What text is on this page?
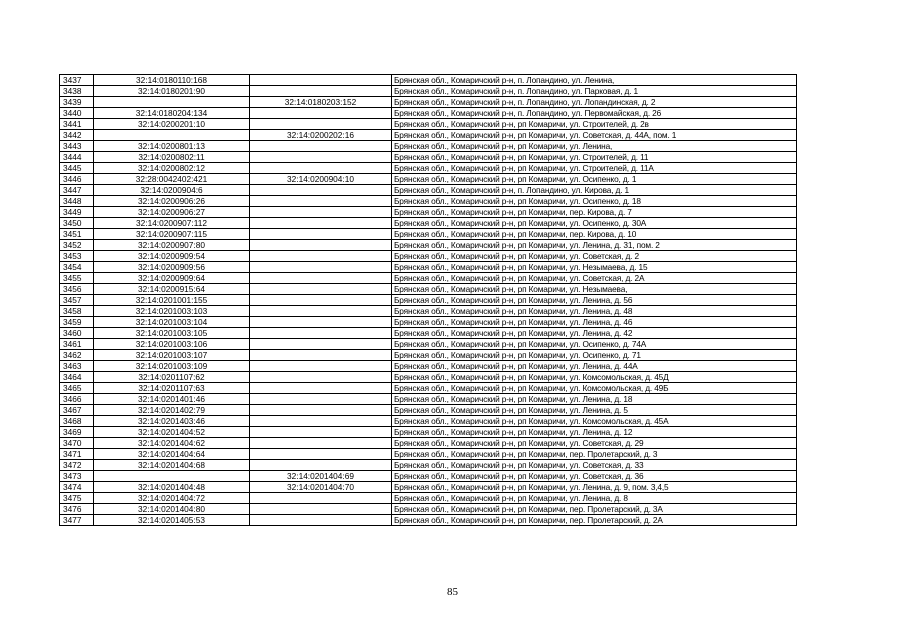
3437	32:14:0180110:168		Брянская обл., Комаричский р-н, п. Лопандино, ул. Ленина,
3438	32:14:0180201:90		Брянская обл., Комаричский р-н, п. Лопандино, ул. Парковая, д. 1
3439		32:14:0180203:152	Брянская обл., Комаричский р-н, п. Лопандино, ул. Лопандинская, д. 2
3440	32:14:0180204:134		Брянская обл., Комаричский р-н, п. Лопандино, ул. Первомайская, д. 26
3441	32:14:0200201:10		Брянская обл., Комаричский р-н, рп Комаричи, ул. Строителей, д. 2в
3442		32:14:0200202:16	Брянская обл., Комаричский р-н, рп Комаричи, ул. Советская, д. 44А, пом. 1
3443	32:14:0200801:13		Брянская обл., Комаричский р-н, рп Комаричи, ул. Ленина,
3444	32:14:0200802:11		Брянская обл., Комаричский р-н, рп Комаричи, ул. Строителей, д. 11
3445	32:14:0200802:12		Брянская обл., Комаричский р-н, рп Комаричи, ул. Строителей, д. 11А
3446	32:28:0042402:421	32:14:0200904:10	Брянская обл., Комаричский р-н, рп Комаричи, ул. Осипенко, д. 1
3447	32:14:0200904:6		Брянская обл., Комаричский р-н, п. Лопандино, ул. Кирова, д. 1
3448	32:14:0200906:26		Брянская обл., Комаричский р-н, рп Комаричи, ул. Осипенко, д. 18
3449	32:14:0200906:27		Брянская обл., Комаричский р-н, рп Комаричи, пер. Кирова, д. 7
3450	32:14:0200907:112		Брянская обл., Комаричский р-н, рп Комаричи, ул. Осипенко, д. 30А
3451	32:14:0200907:115		Брянская обл., Комаричский р-н, рп Комаричи, пер. Кирова, д. 10
3452	32:14:0200907:80		Брянская обл., Комаричский р-н, рп Комаричи, ул. Ленина, д. 31, пом. 2
3453	32:14:0200909:54		Брянская обл., Комаричский р-н, рп Комаричи, ул. Советская, д. 2
3454	32:14:0200909:56		Брянская обл., Комаричский р-н, рп Комаричи, ул. Незымаева, д. 15
3455	32:14:0200909:64		Брянская обл., Комаричский р-н, рп Комаричи, ул. Советская, д. 2А
3456	32:14:0200915:64		Брянская обл., Комаричский р-н, рп Комаричи, ул. Незымаева,
3457	32:14:0201001:155		Брянская обл., Комаричский р-н, рп Комаричи, ул. Ленина, д. 56
3458	32:14:0201003:103		Брянская обл., Комаричский р-н, рп Комаричи, ул. Ленина, д. 48
3459	32:14:0201003:104		Брянская обл., Комаричский р-н, рп Комаричи, ул. Ленина, д. 46
3460	32:14:0201003:105		Брянская обл., Комаричский р-н, рп Комаричи, ул. Ленина, д. 42
3461	32:14:0201003:106		Брянская обл., Комаричский р-н, рп Комаричи, ул. Осипенко, д. 74А
3462	32:14:0201003:107		Брянская обл., Комаричский р-н, рп Комаричи, ул. Осипенко, д. 71
3463	32:14:0201003:109		Брянская обл., Комаричский р-н, рп Комаричи, ул. Ленина, д. 44А
3464	32:14:0201107:62		Брянская обл., Комаричский р-н, рп Комаричи, ул. Комсомольская, д. 45Д
3465	32:14:0201107:63		Брянская обл., Комаричский р-н, рп Комаричи, ул. Комсомольская, д. 49Б
3466	32:14:0201401:46		Брянская обл., Комаричский р-н, рп Комаричи, ул. Ленина, д. 18
3467	32:14:0201402:79		Брянская обл., Комаричский р-н, рп Комаричи, ул. Ленина, д. 5
3468	32:14:0201403:46		Брянская обл., Комаричский р-н, рп Комаричи, ул. Комсомольская, д. 45А
3469	32:14:0201404:52		Брянская обл., Комаричский р-н, рп Комаричи, ул. Ленина, д. 12
3470	32:14:0201404:62		Брянская обл., Комаричский р-н, рп Комаричи, ул. Советская, д. 29
3471	32:14:0201404:64		Брянская обл., Комаричский р-н, рп Комаричи, пер. Пролетарский, д. 3
3472	32:14:0201404:68		Брянская обл., Комаричский р-н, рп Комаричи, ул. Советская, д. 33
3473		32:14:0201404:69	Брянская обл., Комаричский р-н, рп Комаричи, ул. Советская, д. 36
3474	32:14:0201404:48	32:14:0201404:70	Брянская обл., Комаричский р-н, рп Комаричи, ул. Ленина, д. 9, пом. 3,4,5
3475	32:14:0201404:72		Брянская обл., Комаричский р-н, рп Комаричи, ул. Ленина, д. 8
3476	32:14:0201404:80		Брянская обл., Комаричский р-н, рп Комаричи, пер. Пролетарский, д. 3А
3477	32:14:0201405:53		Брянская обл., Комаричский р-н, рп Комаричи, пер. Пролетарский, д. 2А
85
